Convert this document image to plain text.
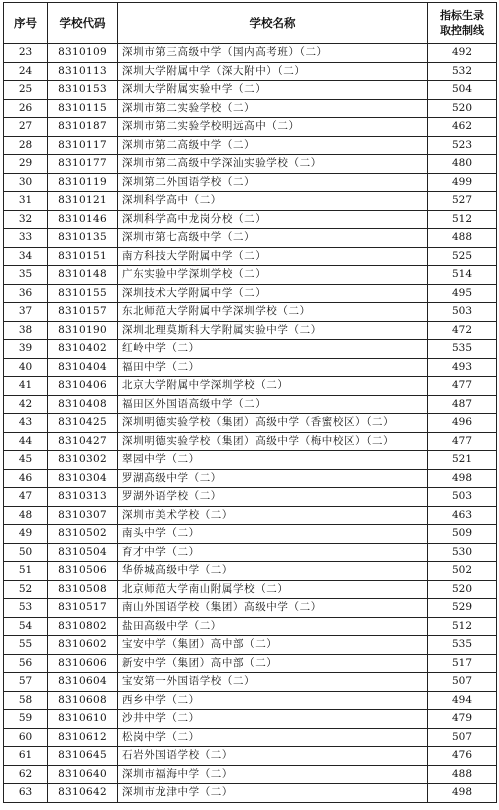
序号	学校代码	学校名称	指标生录
取控制线
23	8310109	深圳市第三高级中学（国内高考班）（二）	492
24	8310113	深圳大学附属中学（深大附中）（二）	532
25	8310153	深圳大学附属实验中学（二）	504
26	8310115	深圳市第二实验学校（二）	520
27	8310187	深圳市第二实验学校明远高中（二）	462
28	8310117	深圳市第二高级中学（二）	523
29	8310177	深圳市第二高级中学深汕实验学校（二）	480
30	8310119	深圳第二外国语学校（二）	499
31	8310121	深圳科学高中（二）	527
32	8310146	深圳科学高中龙岗分校（二）	512
33	8310135	深圳市第七高级中学（二）	488
34	8310151	南方科技大学附属中学（二）	525
35	8310148	广东实验中学深圳学校（二）	514
36	8310155	深圳技术大学附属中学（二）	495
37	8310157	东北师范大学附属中学深圳学校（二）	503
38	8310190	深圳北理莫斯科大学附属实验中学（二）	472
39	8310402	红岭中学（二）	535
40	8310404	福田中学（二）	493
41	8310406	北京大学附属中学深圳学校（二）	477
42	8310408	福田区外国语高级中学（二）	487
43	8310425	深圳明德实验学校（集团）高级中学（香蜜校区）（二）	496
44	8310427	深圳明德实验学校（集团）高级中学（梅中校区）（二）	477
45	8310302	翠园中学（二）	521
46	8310304	罗湖高级中学（二）	498
47	8310313	罗湖外语学校（二）	503
48	8310307	深圳市美术学校（二）	463
49	8310502	南头中学（二）	509
50	8310504	育才中学（二）	530
51	8310506	华侨城高级中学（二）	502
52	8310508	北京师范大学南山附属学校（二）	520
53	8310517	南山外国语学校（集团）高级中学（二）	529
54	8310802	盐田高级中学（二）	512
55	8310602	宝安中学（集团）高中部（二）	535
56	8310606	新安中学（集团）高中部（二）	517
57	8310604	宝安第一外国语学校（二）	507
58	8310608	西乡中学（二）	494
59	8310610	沙井中学（二）	479
60	8310612	松岗中学（二）	507
61	8310645	石岩外国语学校（二）	476
62	8310640	深圳市福海中学（二）	488
63	8310642	深圳市龙津中学（二）	498
